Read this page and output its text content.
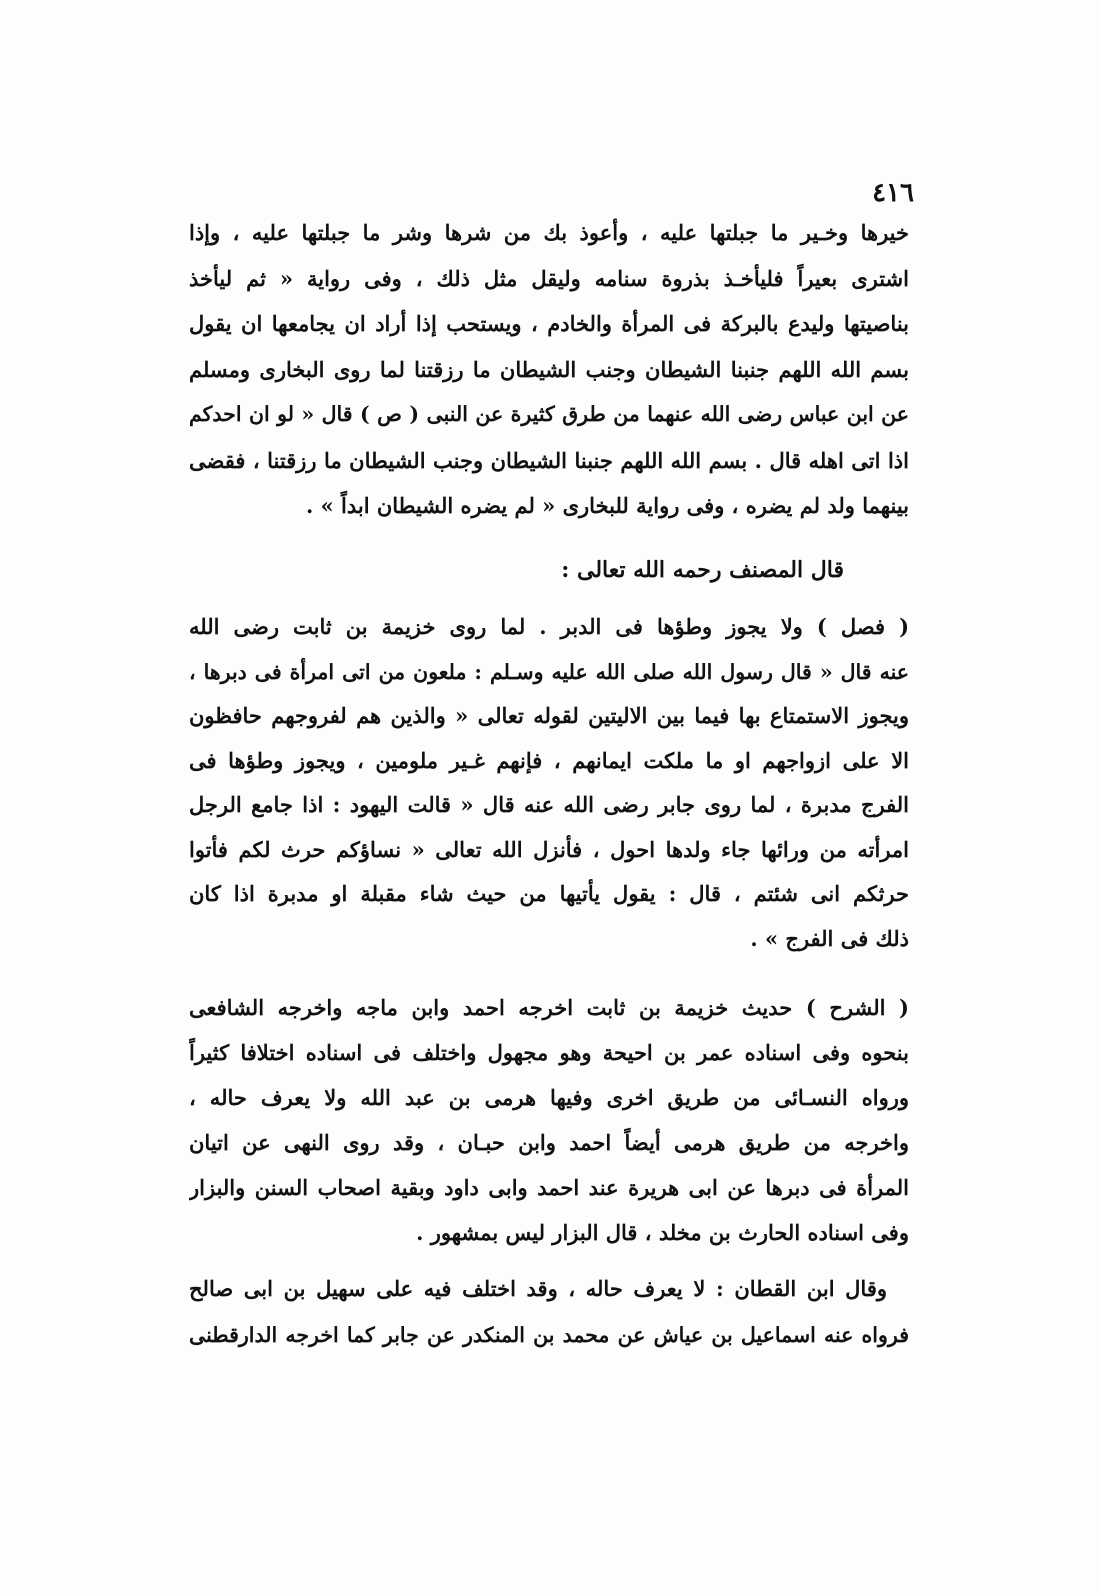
٤١٦
خيرها وخـير ما جبلتها عليه ، وأعوذ بك من شرها وشر ما جبلتها عليه ، وإذا
اشترى بعيراً فليأخـذ بذروة سنامه وليقل مثل ذلك ، وفى رواية « ثم ليأخذ
بناصيتها وليدع بالبركة فى المرأة والخادم ، ويستحب إذا أراد ان يجامعها ان يقول
بسم الله اللهم جنبنا الشيطان وجنب الشيطان ما رزقتنا لما روى البخارى ومسلم
عن ابن عباس رضى الله عنهما من طرق كثيرة عن النبى ( ص ) قال « لو ان احدكم
اذا اتى اهله قال . بسم الله اللهم جنبنا الشيطان وجنب الشيطان ما رزقتنا ، فقضى
بينهما ولد لم يضره ، وفى رواية للبخارى « لم يضره الشيطان ابداً » .
قال المصنف رحمه الله تعالى :
( فصل ) ولا يجوز وطؤها فى الدبر . لما روى خزيمة بن ثابت رضى الله
عنه قال « قال رسول الله صلى الله عليه وسـلم : ملعون من اتى امرأة فى دبرها ،
ويجوز الاستمتاع بها فيما بين الاليتين لقوله تعالى « والذين هم لفروجهم حافظون
الا على ازواجهم او ما ملكت ايمانهم ، فإنهم غـير ملومين ، ويجوز وطؤها فى
الفرج مدبرة ، لما روى جابر رضى الله عنه قال « قالت اليهود : اذا جامع الرجل
امرأته من ورائها جاء ولدها احول ، فأنزل الله تعالى « نساؤكم حرث لكم فأتوا
حرثكم انى شئتم ، قال : يقول يأتيها من حيث شاء مقبلة او مدبرة اذا كان
ذلك فى الفرج » .
( الشرح ) حديث خزيمة بن ثابت اخرجه احمد وابن ماجه واخرجه الشافعى
بنحوه وفى اسناده عمر بن احيحة وهو مجهول واختلف فى اسناده اختلافا كثيراً
ورواه النسـائى من طريق اخرى وفيها هرمى بن عبد الله ولا يعرف حاله ،
واخرجه من طريق هرمى أيضاً احمد وابن حبـان ، وقد روى النهى عن اتيان
المرأة فى دبرها عن ابى هريرة عند احمد وابى داود وبقية اصحاب السنن والبزار
وفى اسناده الحارث بن مخلد ، قال البزار ليس بمشهور .
وقال ابن القطان : لا يعرف حاله ، وقد اختلف فيه على سهيل بن ابى صالح
فرواه عنه اسماعيل بن عياش عن محمد بن المنكدر عن جابر كما اخرجه الدارقطنى
